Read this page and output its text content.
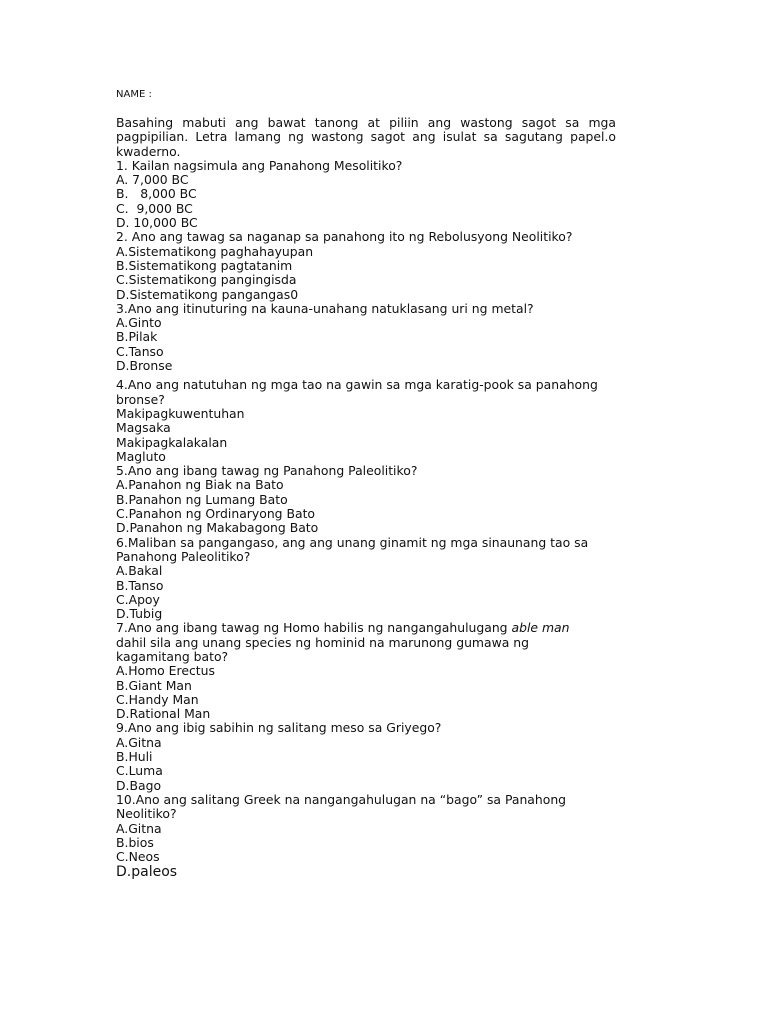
NAME :

Basahing mabuti ang bawat tanong at piliin ang wastong sagot sa mga pagpipilian. Letra lamang ng wastong sagot ang isulat sa sagutang papel.o kwaderno.

1. Kailan nagsimula ang Panahong Mesolitiko?
A. 7,000 BC
B.   8,000 BC
C.  9,000 BC
D. 10,000 BC
2. Ano ang tawag sa naganap sa panahong ito ng Rebolusyong Neolitiko?
A.Sistematikong paghahayupan
B.Sistematikong pagtatanim
C.Sistematikong pangingisda
D.Sistematikong pangangas0
3.Ano ang itinuturing na kauna-unahang natuklasang uri ng metal?
A.Ginto
B.Pilak
C.Tanso
D.Bronse
4.Ano ang natutuhan ng mga tao na gawin sa mga karatig-pook sa panahong bronse?
Makipagkuwentuhan
Magsaka
Makipagkalakalan
Magluto
5.Ano ang ibang tawag ng Panahong Paleolitiko?
A.Panahon ng Biak na Bato
B.Panahon ng Lumang Bato
C.Panahon ng Ordinaryong Bato
D.Panahon ng Makabagong Bato
6.Maliban sa pangangaso, ang ang unang ginamit ng mga sinaunang tao sa Panahong Paleolitiko?
A.Bakal
B.Tanso
C.Apoy
D.Tubig
7.Ano ang ibang tawag ng Homo habilis ng nangangahulugang able man
dahil sila ang unang species ng hominid na marunong gumawa ng kagamitang bato?
A.Homo Erectus
B.Giant Man
C.Handy Man
D.Rational Man
9.Ano ang ibig sabihin ng salitang meso sa Griyego?
A.Gitna
B.Huli
C.Luma
D.Bago
10.Ano ang salitang Greek na nangangahulugan na “bago” sa Panahong Neolitiko?
A.Gitna
B.bios
C.Neos
D.paleos
